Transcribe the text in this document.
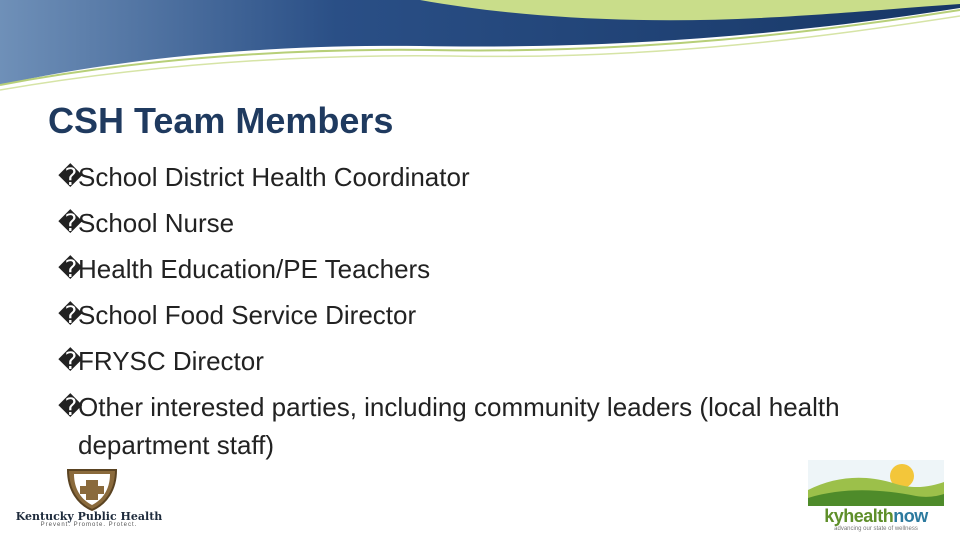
CSH Team Members
�
School District Health Coordinator
�
School Nurse
�
Health Education/PE Teachers
�
School Food Service Director
�
FRYSC Director
�
Other interested parties, including community leaders (local health department staff)
Kentucky Public Health
Prevent. Promote. Protect.	kyhealthnow
advancing our state of wellness
